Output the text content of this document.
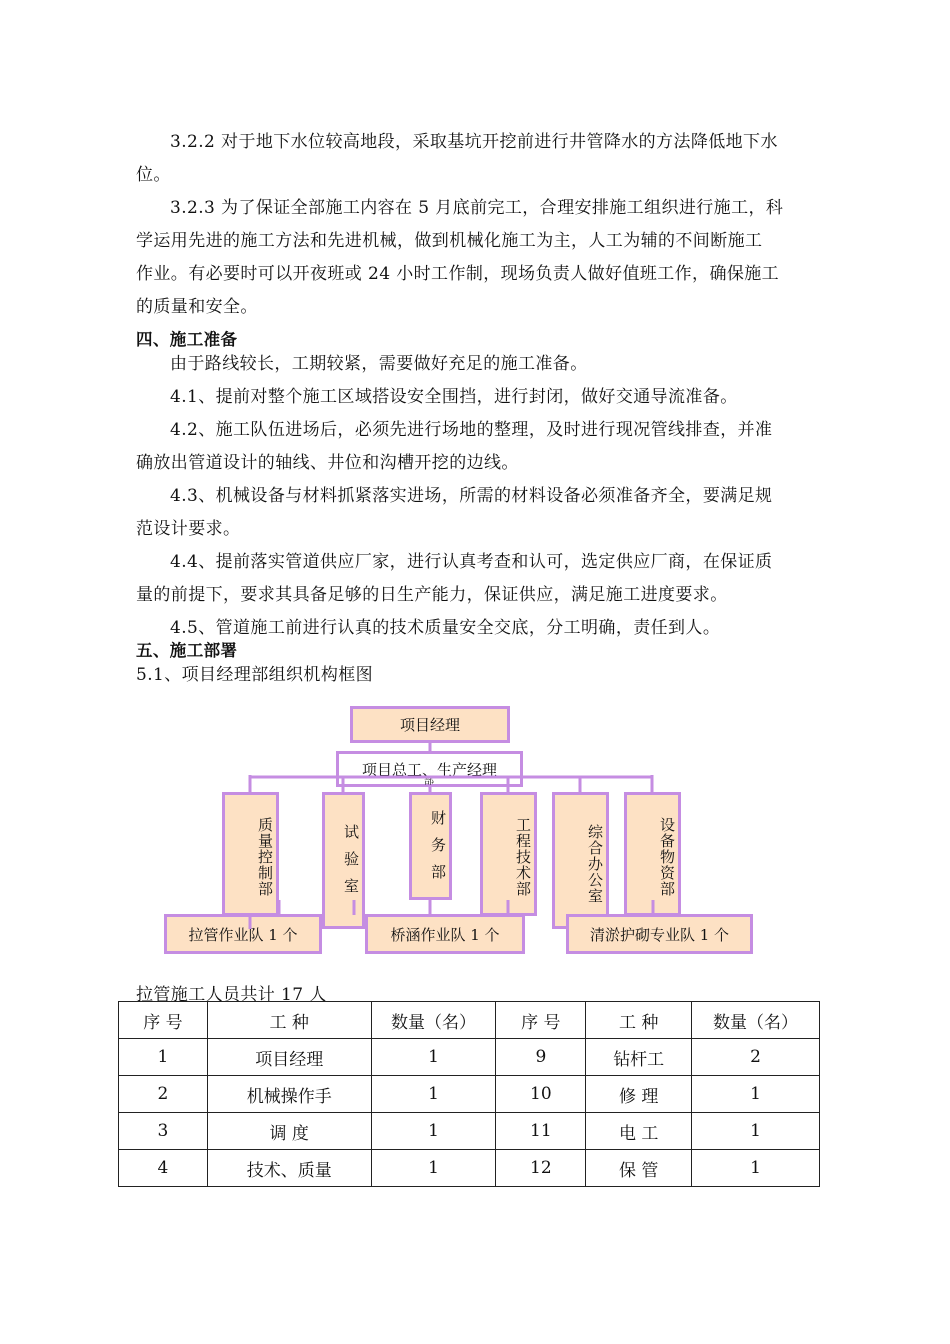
3.2.2 对于地下水位较高地段，采取基坑开挖前进行井管降水的方法降低地下水
位。
3.2.3 为了保证全部施工内容在 5 月底前完工，合理安排施工组织进行施工，科
学运用先进的施工方法和先进机械，做到机械化施工为主，人工为辅的不间断施工
作业。有必要时可以开夜班或 24 小时工作制，现场负责人做好值班工作，确保施工
的质量和安全。
四、施工准备
由于路线较长，工期较紧，需要做好充足的施工准备。
4.1、提前对整个施工区域搭设安全围挡，进行封闭，做好交通导流准备。
4.2、施工队伍进场后，必须先进行场地的整理，及时进行现况管线排查，并准
确放出管道设计的轴线、井位和沟槽开挖的边线。
4.3、机械设备与材料抓紧落实进场，所需的材料设备必须准备齐全，要满足规
范设计要求。
4.4、提前落实管道供应厂家，进行认真考查和认可，选定供应厂商，在保证质
量的前提下，要求其具备足够的日生产能力，保证供应，满足施工进度要求。
4.5、管道施工前进行认真的技术质量安全交底，分工明确，责任到人。
五、施工部署
5.1、项目经理部组织机构框图
项目经理
质量控制部	试验室	财务部	工程技术部	综合办公室	设备物资部
拉管作业队 1 个	桥涵作业队 1 个	清淤护砌专业队 1 个
项目总工、生产经理
部
拉管施工人员共计 17 人
序 号	工 种	数量（名）	序 号	工 种	数量（名）
1	项目经理	1	9	钻杆工	2
2	机械操作手	1	10	修 理	1
3	调 度	1	11	电 工	1
4	技术、质量	1	12	保 管	1
